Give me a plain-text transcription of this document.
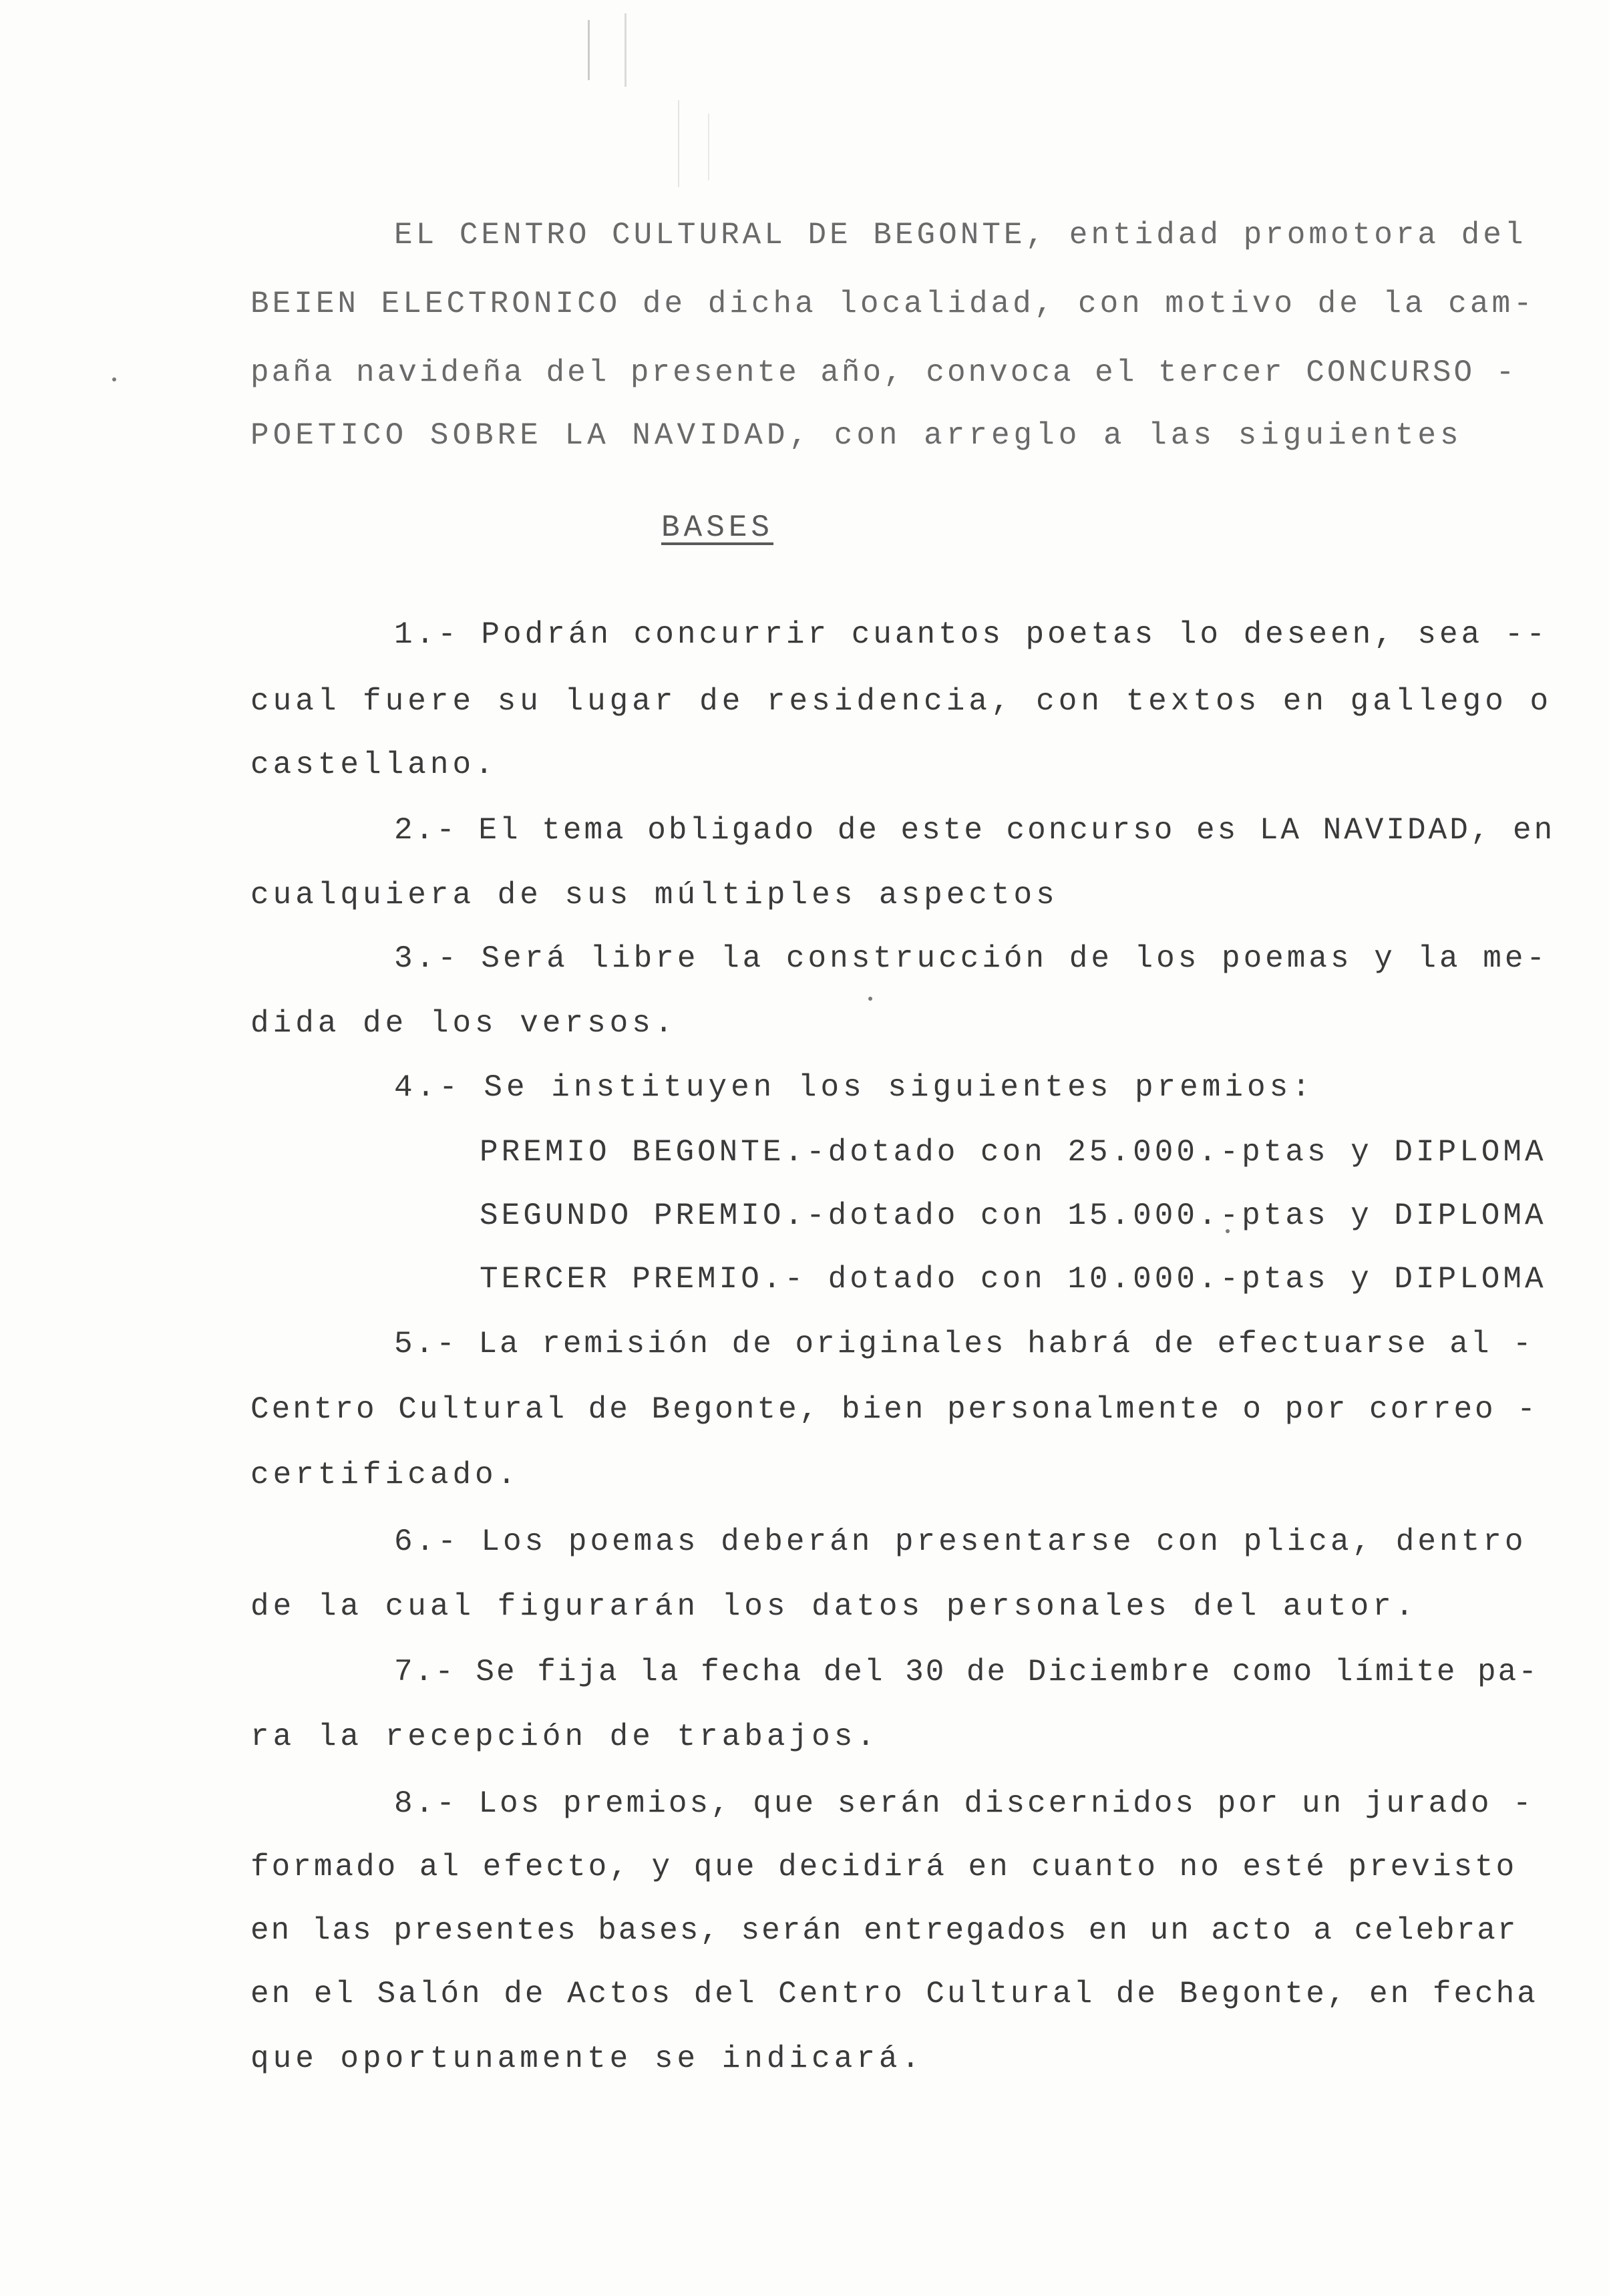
EL CENTRO CULTURAL DE BEGONTE, entidad promotora del
BEIEN ELECTRONICO de dicha localidad, con motivo de la cam-
paña navideña del presente año, convoca el tercer CONCURSO -
POETICO SOBRE LA NAVIDAD, con arreglo a las siguientes
BASES
1.- Podrán concurrir cuantos poetas lo deseen, sea --
cual fuere su lugar de residencia, con textos en gallego o
castellano.
2.- El tema obligado de este concurso es LA NAVIDAD, en
cualquiera de sus múltiples aspectos
3.- Será libre la construcción de los poemas y la me-
dida de los versos.
4.- Se instituyen los siguientes premios:
PREMIO BEGONTE.-dotado con 25.000.-ptas y DIPLOMA
SEGUNDO PREMIO.-dotado con 15.000.-ptas y DIPLOMA
TERCER PREMIO.- dotado con 10.000.-ptas y DIPLOMA
5.- La remisión de originales habrá de efectuarse al -
Centro Cultural de Begonte, bien personalmente o por correo -
certificado.
6.- Los poemas deberán presentarse con plica, dentro
de la cual figurarán los datos personales del autor.
7.- Se fija la fecha del 30 de Diciembre como límite pa-
ra la recepción de trabajos.
8.- Los premios, que serán discernidos por un jurado -
formado al efecto, y que decidirá en cuanto no esté previsto
en las presentes bases, serán entregados en un acto a celebrar
en el Salón de Actos del Centro Cultural de Begonte, en fecha
que oportunamente se indicará.
